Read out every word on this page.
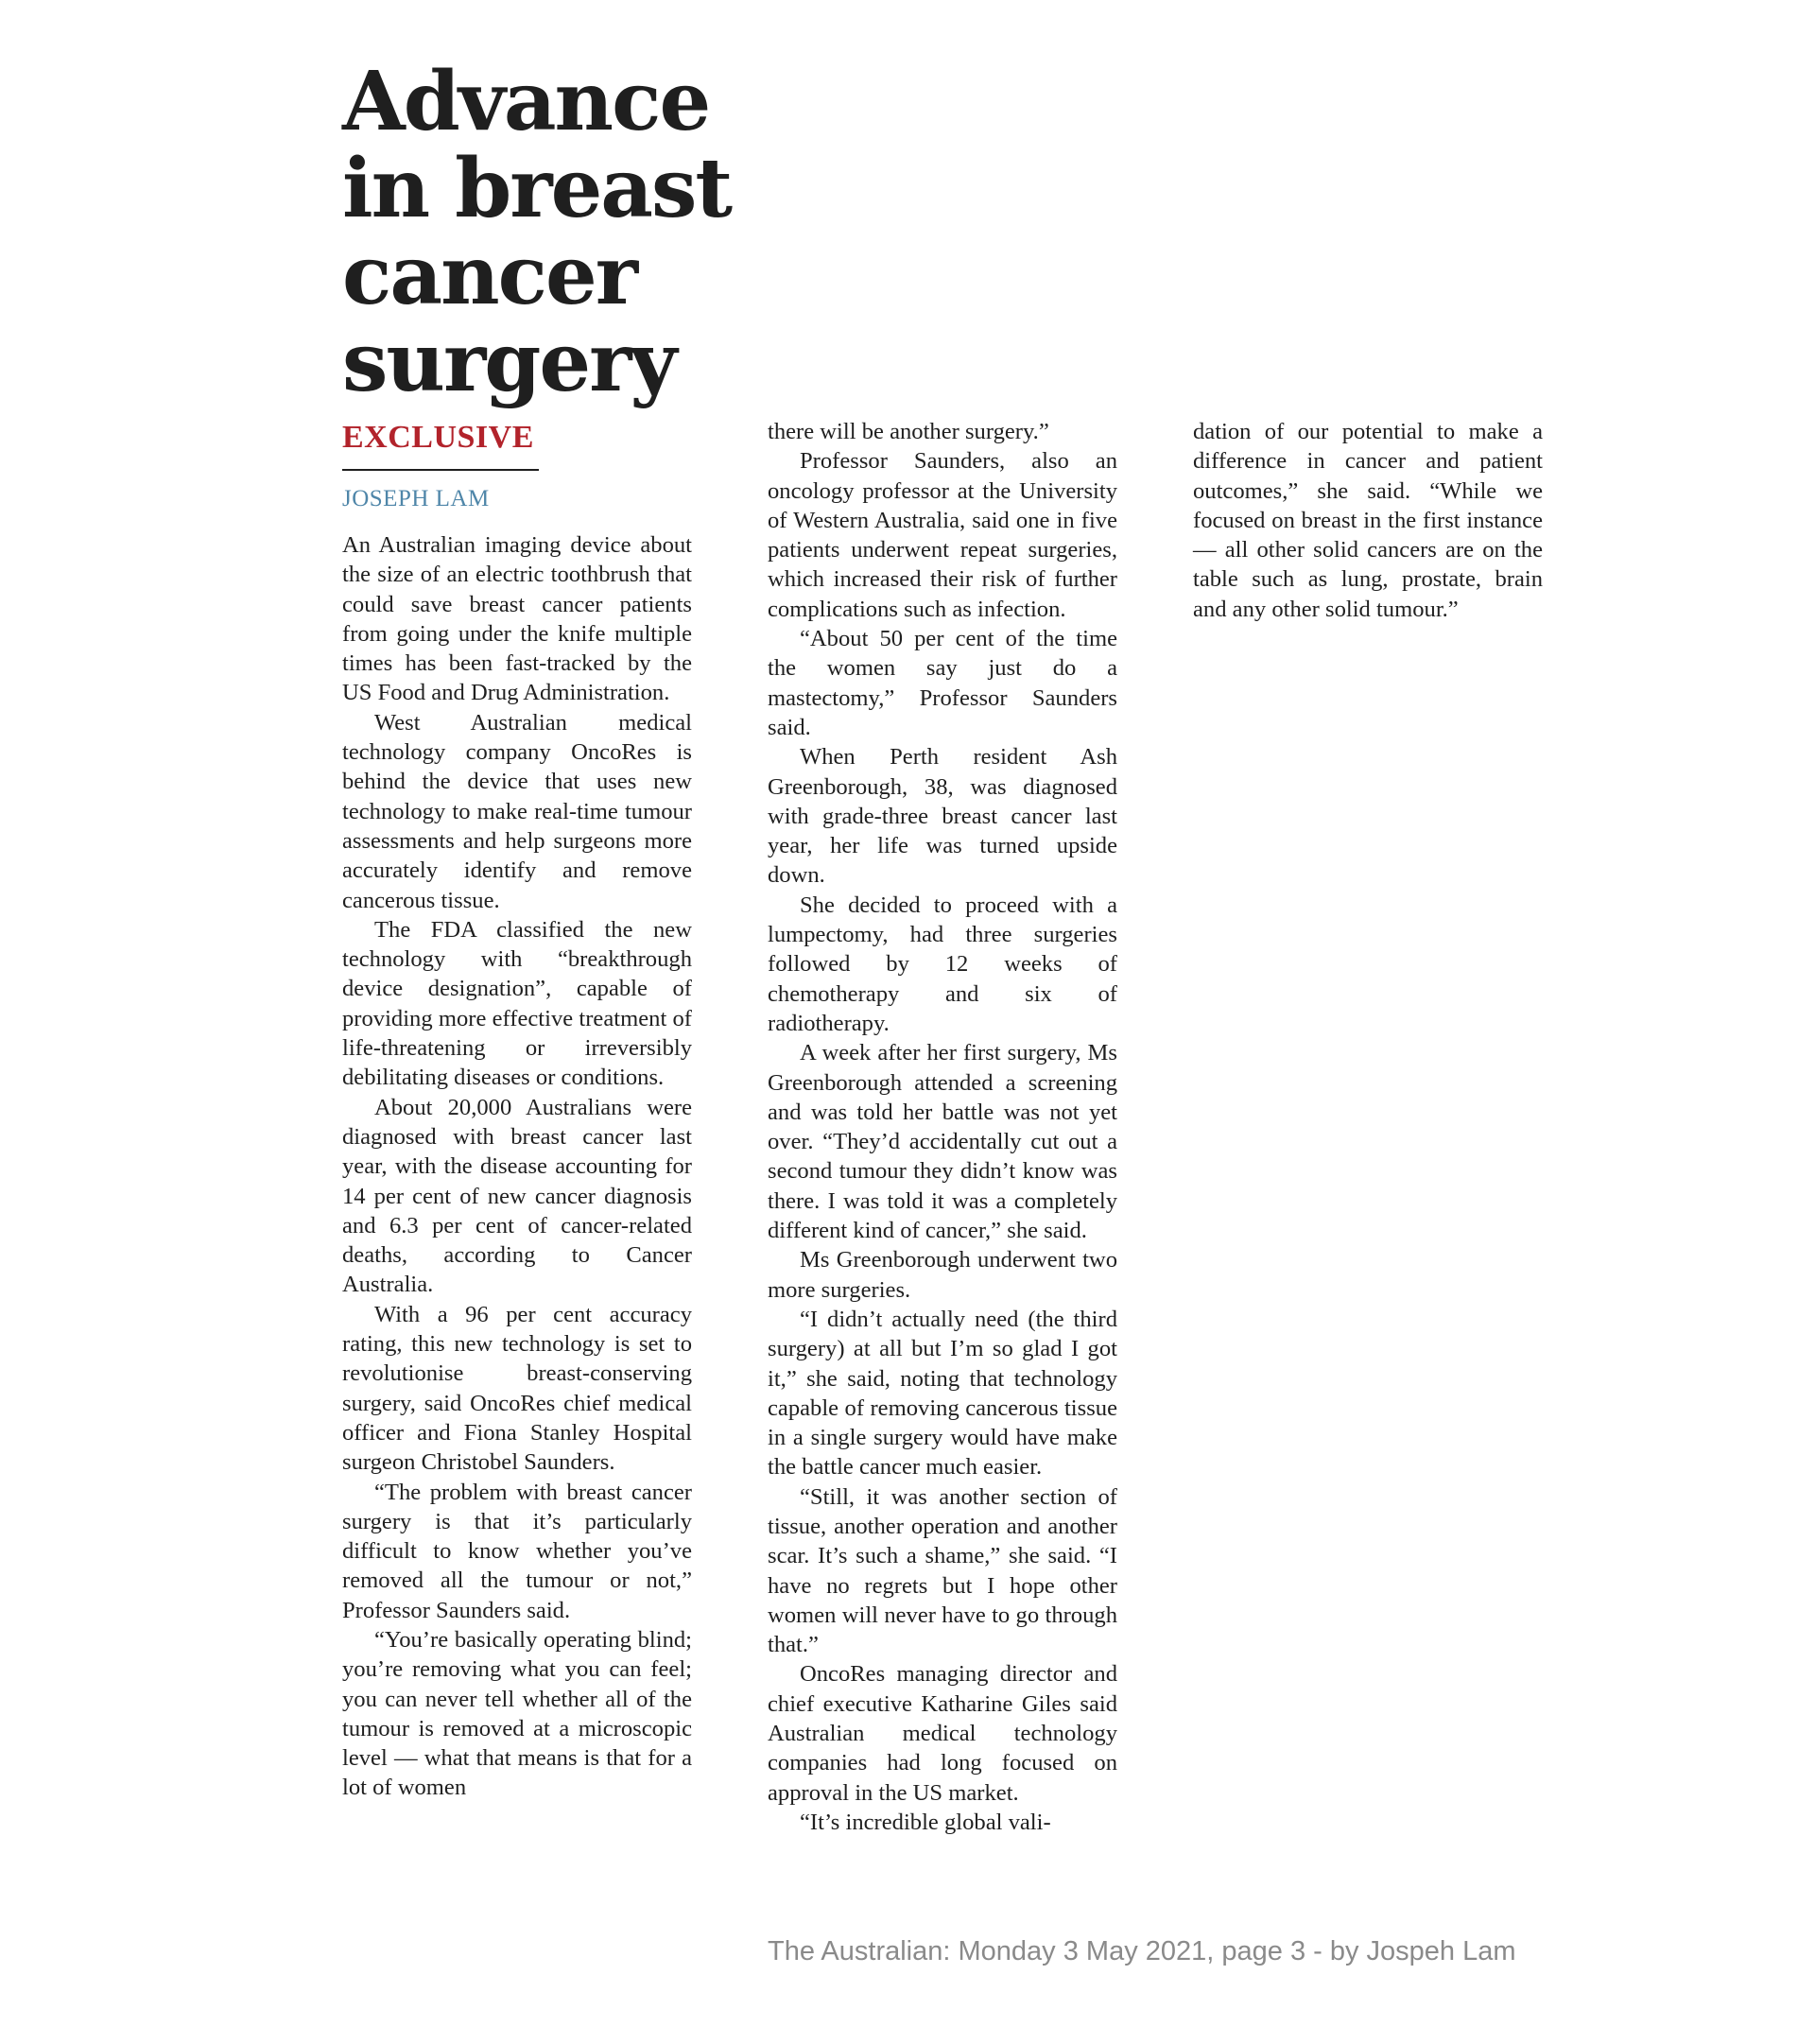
Advance in breast cancer surgery
EXCLUSIVE
JOSEPH LAM

An Australian imaging device about the size of an electric toothbrush that could save breast cancer patients from going under the knife multiple times has been fast-tracked by the US Food and Drug Administration.

West Australian medical technology company OncoRes is behind the device that uses new technology to make real-time tumour assessments and help surgeons more accurately identify and remove cancerous tissue.

The FDA classified the new technology with “breakthrough device designation”, capable of providing more effective treatment of life-threatening or irreversibly debilitating diseases or conditions.

About 20,000 Australians were diagnosed with breast cancer last year, with the disease accounting for 14 per cent of new cancer diagnosis and 6.3 per cent of cancer-related deaths, according to Cancer Australia.

With a 96 per cent accuracy rating, this new technology is set to revolutionise breast-conserving surgery, said OncoRes chief medical officer and Fiona Stanley Hospital surgeon Christobel Saunders.

“The problem with breast cancer surgery is that it’s particularly difficult to know whether you’ve removed all the tumour or not,” Professor Saunders said.

“You’re basically operating blind; you’re removing what you can feel; you can never tell whether all of the tumour is removed at a microscopic level — what that means is that for a lot of women

there will be another surgery.”

Professor Saunders, also an oncology professor at the University of Western Australia, said one in five patients underwent repeat surgeries, which increased their risk of further complications such as infection.

“About 50 per cent of the time the women say just do a mastectomy,” Professor Saunders said.

When Perth resident Ash Greenborough, 38, was diagnosed with grade-three breast cancer last year, her life was turned upside down.

She decided to proceed with a lumpectomy, had three surgeries followed by 12 weeks of chemotherapy and six of radiotherapy.

A week after her first surgery, Ms Greenborough attended a screening and was told her battle was not yet over. “They’d accidentally cut out a second tumour they didn’t know was there. I was told it was a completely different kind of cancer,” she said.

Ms Greenborough underwent two more surgeries.

“I didn’t actually need (the third surgery) at all but I’m so glad I got it,” she said, noting that technology capable of removing cancerous tissue in a single surgery would have make the battle cancer much easier.

“Still, it was another section of tissue, another operation and another scar. It’s such a shame,” she said. “I have no regrets but I hope other women will never have to go through that.”

OncoRes managing director and chief executive Katharine Giles said Australian medical technology companies had long focused on approval in the US market.

“It’s incredible global vali-

dation of our potential to make a difference in cancer and patient outcomes,” she said. “While we focused on breast in the first instance — all other solid cancers are on the table such as lung, prostate, brain and any other solid tumour.”

The Australian: Monday 3 May 2021, page 3 - by Jospeh Lam
